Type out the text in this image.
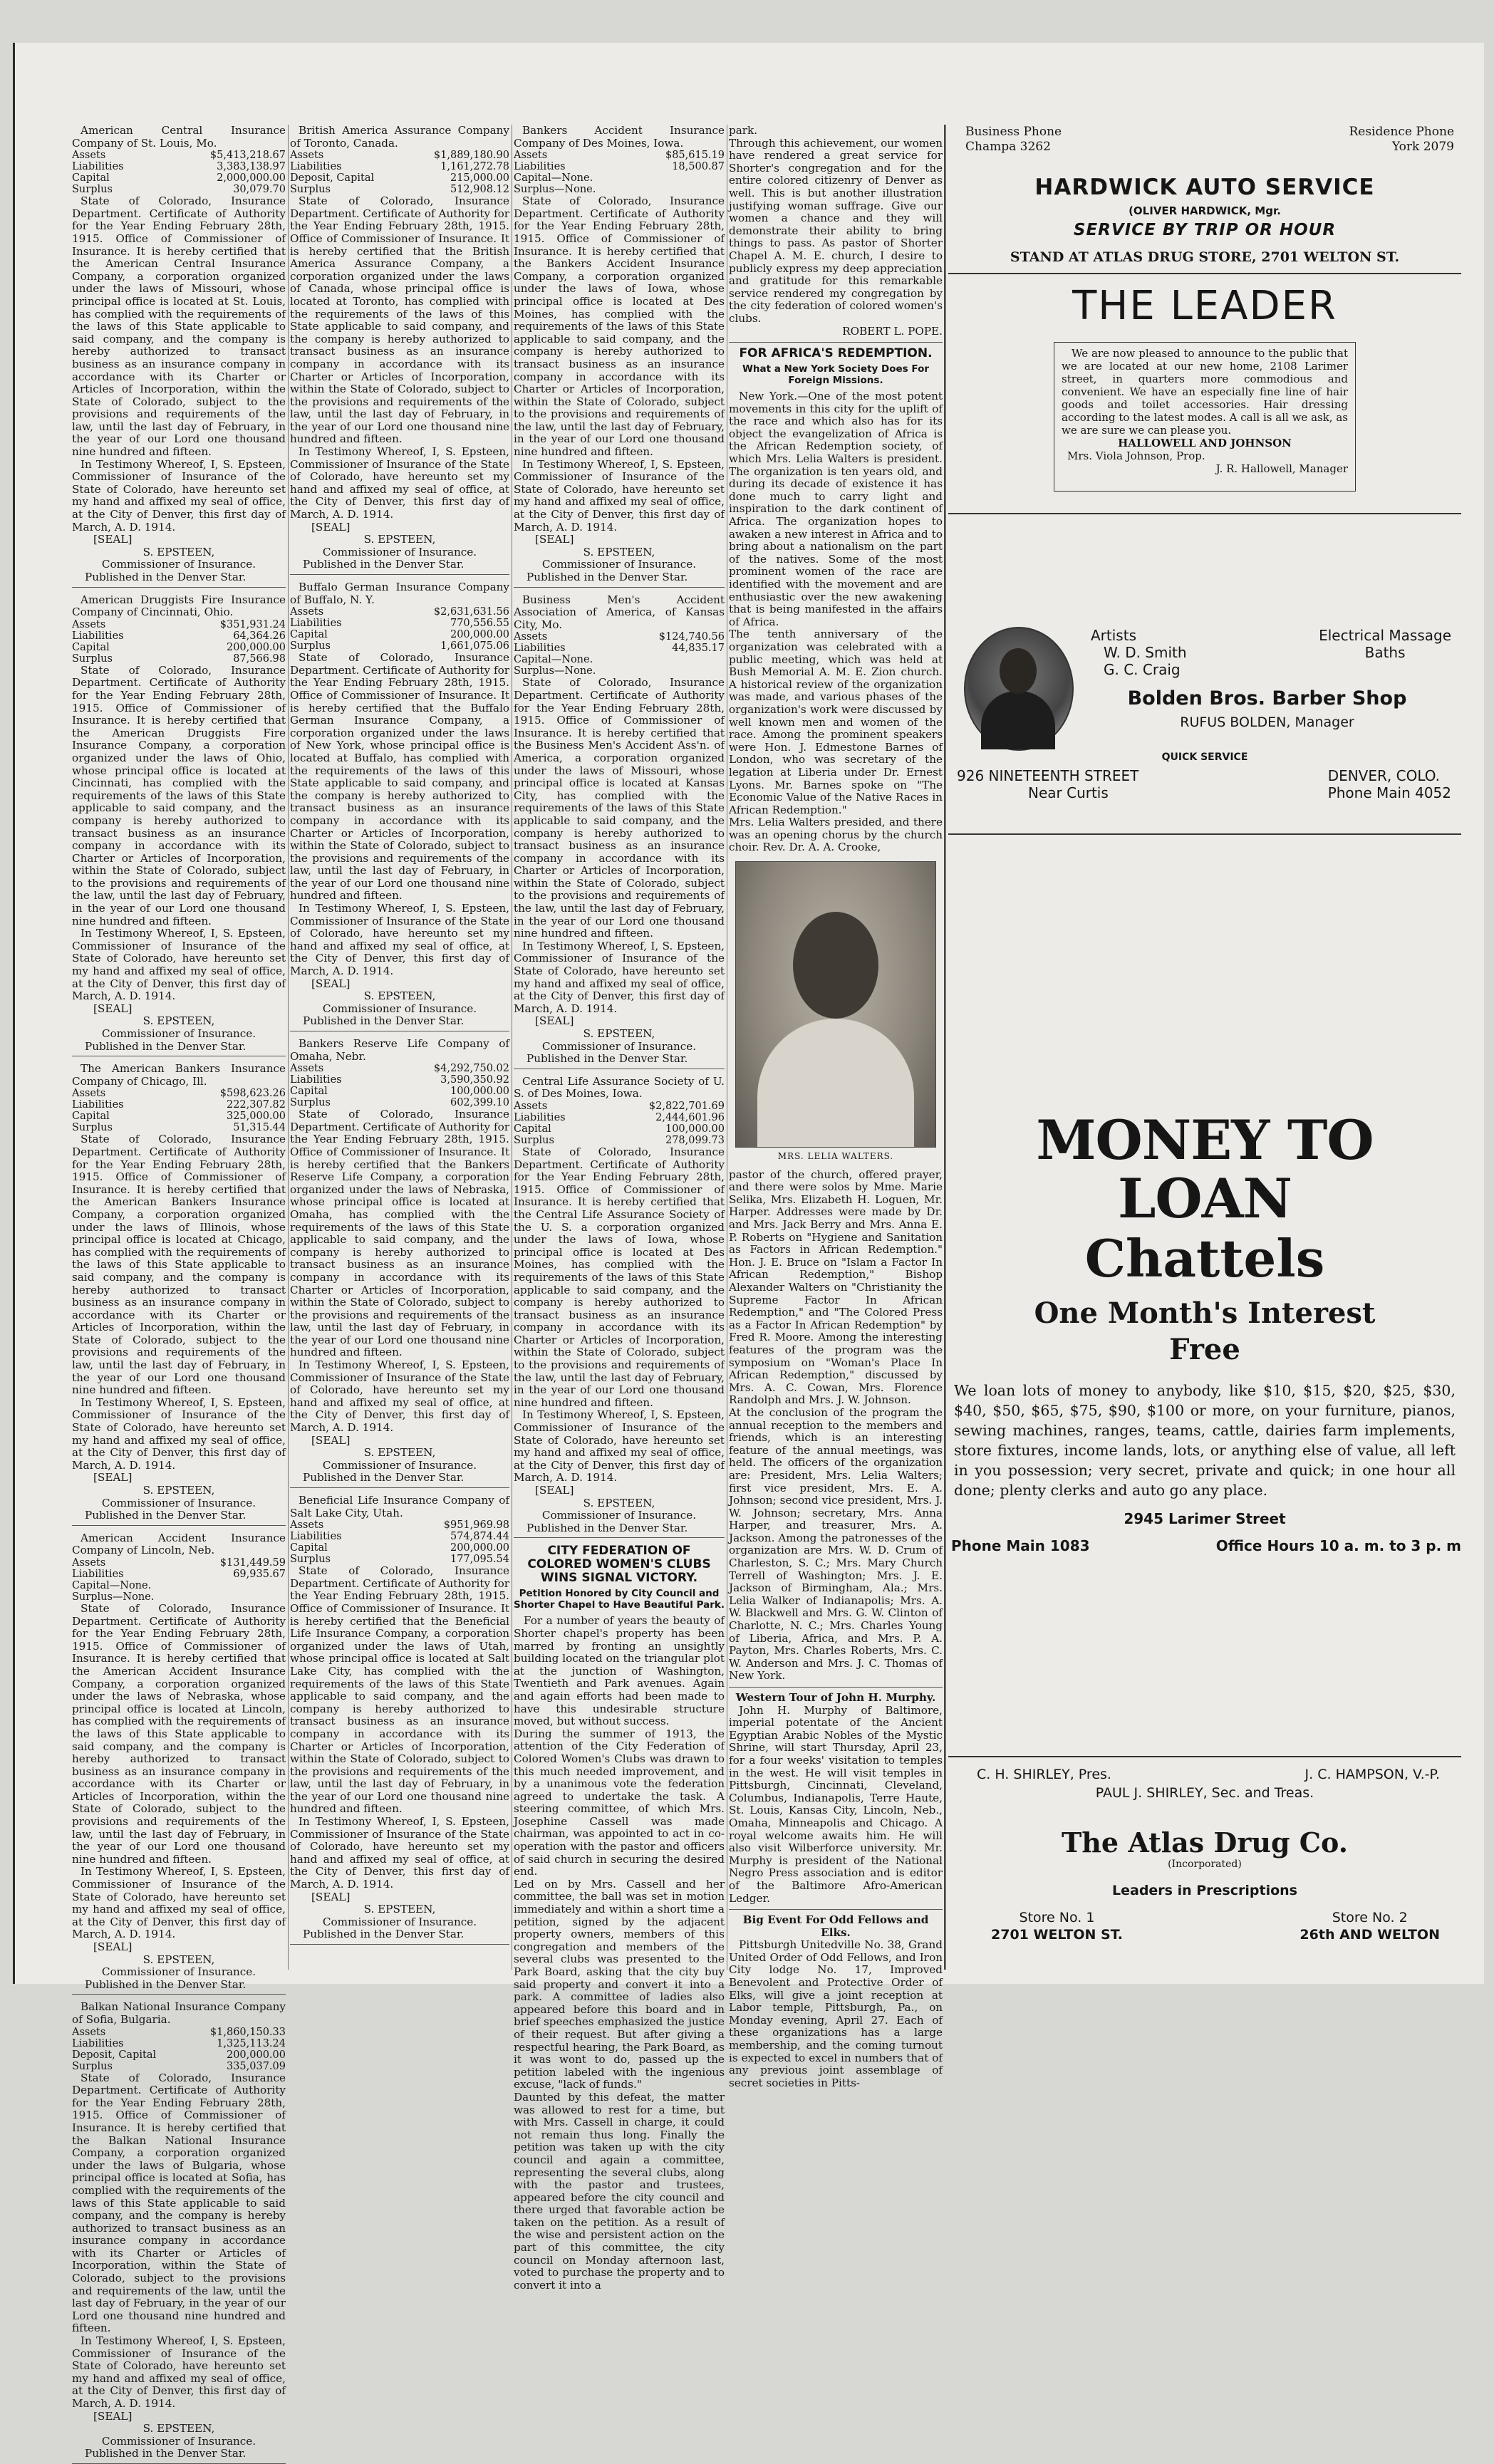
American Central Insurance Company of St. Louis, Mo.
Assets	$5,413,218.67
Liabilities	3,383,138.97
Capital	2,000,000.00
Surplus	30,079.70
State of Colorado, Insurance Department. Certificate of Authority for the Year Ending February 28th, 1915. Office of Commissioner of Insurance. It is hereby certified that the American Central Insurance Company, a corporation organized under the laws of Missouri, whose principal office is located at St. Louis, has complied with the requirements of the laws of this State applicable to said company, and the company is hereby authorized to transact business as an insurance company in accordance with its Charter or Articles of Incorporation, within the State of Colorado, subject to the provisions and requirements of the law, until the last day of February, in the year of our Lord one thousand nine hundred and fifteen.
In Testimony Whereof, I, S. Epsteen, Commissioner of Insurance of the State of Colorado, have hereunto set my hand and affixed my seal of office, at the City of Denver, this first day of March, A. D. 1914.
[SEAL]
S. EPSTEEN,
Commissioner of Insurance.
Published in the Denver Star.
American Druggists Fire Insurance Company of Cincinnati, Ohio.
Assets	$351,931.24
Liabilities	64,364.26
Capital	200,000.00
Surplus	87,566.98
State of Colorado, Insurance Department. Certificate of Authority for the Year Ending February 28th, 1915. Office of Commissioner of Insurance. It is hereby certified that the American Druggists Fire Insurance Company, a corporation organized under the laws of Ohio, whose principal office is located at Cincinnati, has complied with the requirements of the laws of this State applicable to said company, and the company is hereby authorized to transact business as an insurance company in accordance with its Charter or Articles of Incorporation, within the State of Colorado, subject to the provisions and requirements of the law, until the last day of February, in the year of our Lord one thousand nine hundred and fifteen.
In Testimony Whereof, I, S. Epsteen, Commissioner of Insurance of the State of Colorado, have hereunto set my hand and affixed my seal of office, at the City of Denver, this first day of March, A. D. 1914.
[SEAL]
S. EPSTEEN,
Commissioner of Insurance.
Published in the Denver Star.
The American Bankers Insurance Company of Chicago, Ill.
Assets	$598,623.26
Liabilities	222,307.82
Capital	325,000.00
Surplus	51,315.44
State of Colorado, Insurance Department. Certificate of Authority for the Year Ending February 28th, 1915. Office of Commissioner of Insurance. It is hereby certified that the American Bankers Insurance Company, a corporation organized under the laws of Illinois, whose principal office is located at Chicago, has complied with the requirements of the laws of this State applicable to said company, and the company is hereby authorized to transact business as an insurance company in accordance with its Charter or Articles of Incorporation, within the State of Colorado, subject to the provisions and requirements of the law, until the last day of February, in the year of our Lord one thousand nine hundred and fifteen.
In Testimony Whereof, I, S. Epsteen, Commissioner of Insurance of the State of Colorado, have hereunto set my hand and affixed my seal of office, at the City of Denver, this first day of March, A. D. 1914.
[SEAL]
S. EPSTEEN,
Commissioner of Insurance.
Published in the Denver Star.
American Accident Insurance Company of Lincoln, Neb.
Assets	$131,449.59
Liabilities	69,935.67
Capital—None.	
Surplus—None.	
State of Colorado, Insurance Department. Certificate of Authority for the Year Ending February 28th, 1915. Office of Commissioner of Insurance. It is hereby certified that the American Accident Insurance Company, a corporation organized under the laws of Nebraska, whose principal office is located at Lincoln, has complied with the requirements of the laws of this State applicable to said company, and the company is hereby authorized to transact business as an insurance company in accordance with its Charter or Articles of Incorporation, within the State of Colorado, subject to the provisions and requirements of the law, until the last day of February, in the year of our Lord one thousand nine hundred and fifteen.
In Testimony Whereof, I, S. Epsteen, Commissioner of Insurance of the State of Colorado, have hereunto set my hand and affixed my seal of office, at the City of Denver, this first day of March, A. D. 1914.
[SEAL]
S. EPSTEEN,
Commissioner of Insurance.
Published in the Denver Star.
Balkan National Insurance Company of Sofia, Bulgaria.
Assets	$1,860,150.33
Liabilities	1,325,113.24
Deposit, Capital	200,000.00
Surplus	335,037.09
State of Colorado, Insurance Department. Certificate of Authority for the Year Ending February 28th, 1915. Office of Commissioner of Insurance. It is hereby certified that the Balkan National Insurance Company, a corporation organized under the laws of Bulgaria, whose principal office is located at Sofia, has complied with the requirements of the laws of this State applicable to said company, and the company is hereby authorized to transact business as an insurance company in accordance with its Charter or Articles of Incorporation, within the State of Colorado, subject to the provisions and requirements of the law, until the last day of February, in the year of our Lord one thousand nine hundred and fifteen.
In Testimony Whereof, I, S. Epsteen, Commissioner of Insurance of the State of Colorado, have hereunto set my hand and affixed my seal of office, at the City of Denver, this first day of March, A. D. 1914.
[SEAL]
S. EPSTEEN,
Commissioner of Insurance.
Published in the Denver Star.
British America Assurance Company of Toronto, Canada.
Assets	$1,889,180.90
Liabilities	1,161,272.78
Deposit, Capital	215,000.00
Surplus	512,908.12
State of Colorado, Insurance Department. Certificate of Authority for the Year Ending February 28th, 1915. Office of Commissioner of Insurance. It is hereby certified that the British America Assurance Company, a corporation organized under the laws of Canada, whose principal office is located at Toronto, has complied with the requirements of the laws of this State applicable to said company, and the company is hereby authorized to transact business as an insurance company in accordance with its Charter or Articles of Incorporation, within the State of Colorado, subject to the provisions and requirements of the law, until the last day of February, in the year of our Lord one thousand nine hundred and fifteen.
In Testimony Whereof, I, S. Epsteen, Commissioner of Insurance of the State of Colorado, have hereunto set my hand and affixed my seal of office, at the City of Denver, this first day of March, A. D. 1914.
[SEAL]
S. EPSTEEN,
Commissioner of Insurance.
Published in the Denver Star.
Buffalo German Insurance Company of Buffalo, N. Y.
Assets	$2,631,631.56
Liabilities	770,556.55
Capital	200,000.00
Surplus	1,661,075.06
State of Colorado, Insurance Department. Certificate of Authority for the Year Ending February 28th, 1915. Office of Commissioner of Insurance. It is hereby certified that the Buffalo German Insurance Company, a corporation organized under the laws of New York, whose principal office is located at Buffalo, has complied with the requirements of the laws of this State applicable to said company, and the company is hereby authorized to transact business as an insurance company in accordance with its Charter or Articles of Incorporation, within the State of Colorado, subject to the provisions and requirements of the law, until the last day of February, in the year of our Lord one thousand nine hundred and fifteen.
In Testimony Whereof, I, S. Epsteen, Commissioner of Insurance of the State of Colorado, have hereunto set my hand and affixed my seal of office, at the City of Denver, this first day of March, A. D. 1914.
[SEAL]
S. EPSTEEN,
Commissioner of Insurance.
Published in the Denver Star.
Bankers Reserve Life Company of Omaha, Nebr.
Assets	$4,292,750.02
Liabilities	3,590,350.92
Capital	100,000.00
Surplus	602,399.10
State of Colorado, Insurance Department. Certificate of Authority for the Year Ending February 28th, 1915. Office of Commissioner of Insurance. It is hereby certified that the Bankers Reserve Life Company, a corporation organized under the laws of Nebraska, whose principal office is located at Omaha, has complied with the requirements of the laws of this State applicable to said company, and the company is hereby authorized to transact business as an insurance company in accordance with its Charter or Articles of Incorporation, within the State of Colorado, subject to the provisions and requirements of the law, until the last day of February, in the year of our Lord one thousand nine hundred and fifteen.
In Testimony Whereof, I, S. Epsteen, Commissioner of Insurance of the State of Colorado, have hereunto set my hand and affixed my seal of office, at the City of Denver, this first day of March, A. D. 1914.
[SEAL]
S. EPSTEEN,
Commissioner of Insurance.
Published in the Denver Star.
Beneficial Life Insurance Company of Salt Lake City, Utah.
Assets	$951,969.98
Liabilities	574,874.44
Capital	200,000.00
Surplus	177,095.54
State of Colorado, Insurance Department. Certificate of Authority for the Year Ending February 28th, 1915. Office of Commissioner of Insurance. It is hereby certified that the Beneficial Life Insurance Company, a corporation organized under the laws of Utah, whose principal office is located at Salt Lake City, has complied with the requirements of the laws of this State applicable to said company, and the company is hereby authorized to transact business as an insurance company in accordance with its Charter or Articles of Incorporation, within the State of Colorado, subject to the provisions and requirements of the law, until the last day of February, in the year of our Lord one thousand nine hundred and fifteen.
In Testimony Whereof, I, S. Epsteen, Commissioner of Insurance of the State of Colorado, have hereunto set my hand and affixed my seal of office, at the City of Denver, this first day of March, A. D. 1914.
[SEAL]
S. EPSTEEN,
Commissioner of Insurance.
Published in the Denver Star.
Bankers Accident Insurance Company of Des Moines, Iowa.
Assets	$85,615.19
Liabilities	18,500.87
Capital—None.	
Surplus—None.	
State of Colorado, Insurance Department. Certificate of Authority for the Year Ending February 28th, 1915. Office of Commissioner of Insurance. It is hereby certified that the Bankers Accident Insurance Company, a corporation organized under the laws of Iowa, whose principal office is located at Des Moines, has complied with the requirements of the laws of this State applicable to said company, and the company is hereby authorized to transact business as an insurance company in accordance with its Charter or Articles of Incorporation, within the State of Colorado, subject to the provisions and requirements of the law, until the last day of February, in the year of our Lord one thousand nine hundred and fifteen.
In Testimony Whereof, I, S. Epsteen, Commissioner of Insurance of the State of Colorado, have hereunto set my hand and affixed my seal of office, at the City of Denver, this first day of March, A. D. 1914.
[SEAL]
S. EPSTEEN,
Commissioner of Insurance.
Published in the Denver Star.
Business Men's Accident Association of America, of Kansas City, Mo.
Assets	$124,740.56
Liabilities	44,835.17
Capital—None.	
Surplus—None.	
State of Colorado, Insurance Department. Certificate of Authority for the Year Ending February 28th, 1915. Office of Commissioner of Insurance. It is hereby certified that the Business Men's Accident Ass'n. of America, a corporation organized under the laws of Missouri, whose principal office is located at Kansas City, has complied with the requirements of the laws of this State applicable to said company, and the company is hereby authorized to transact business as an insurance company in accordance with its Charter or Articles of Incorporation, within the State of Colorado, subject to the provisions and requirements of the law, until the last day of February, in the year of our Lord one thousand nine hundred and fifteen.
In Testimony Whereof, I, S. Epsteen, Commissioner of Insurance of the State of Colorado, have hereunto set my hand and affixed my seal of office, at the City of Denver, this first day of March, A. D. 1914.
[SEAL]
S. EPSTEEN,
Commissioner of Insurance.
Published in the Denver Star.
Central Life Assurance Society of U. S. of Des Moines, Iowa.
Assets	$2,822,701.69
Liabilities	2,444,601.96
Capital	100,000.00
Surplus	278,099.73
State of Colorado, Insurance Department. Certificate of Authority for the Year Ending February 28th, 1915. Office of Commissioner of Insurance. It is hereby certified that the Central Life Assurance Society of the U. S. a corporation organized under the laws of Iowa, whose principal office is located at Des Moines, has complied with the requirements of the laws of this State applicable to said company, and the company is hereby authorized to transact business as an insurance company in accordance with its Charter or Articles of Incorporation, within the State of Colorado, subject to the provisions and requirements of the law, until the last day of February, in the year of our Lord one thousand nine hundred and fifteen.
In Testimony Whereof, I, S. Epsteen, Commissioner of Insurance of the State of Colorado, have hereunto set my hand and affixed my seal of office, at the City of Denver, this first day of March, A. D. 1914.
[SEAL]
S. EPSTEEN,
Commissioner of Insurance.
Published in the Denver Star.
CITY FEDERATION OF COLORED WOMEN'S CLUBS WINS SIGNAL VICTORY.
Petition Honored by City Council and Shorter Chapel to Have Beautiful Park.

For a number of years the beauty of Shorter chapel's property has been marred by fronting an unsightly building located on the triangular plot at the junction of Washington, Twentieth and Park avenues. Again and again efforts had been made to have this undesirable structure moved, but without success.
During the summer of 1913, the attention of the City Federation of Colored Women's Clubs was drawn to this much needed improvement, and by a unanimous vote the federation agreed to undertake the task. A steering committee, of which Mrs. Josephine Cassell was made chairman, was appointed to act in co-operation with the pastor and officers of said church in securing the desired end.
Led on by Mrs. Cassell and her committee, the ball was set in motion immediately and within a short time a petition, signed by the adjacent property owners, members of this congregation and members of the several clubs was presented to the Park Board, asking that the city buy said property and convert it into a park. A committee of ladies also appeared before this board and in brief speeches emphasized the justice of their request. But after giving a respectful hearing, the Park Board, as it was wont to do, passed up the petition labeled with the ingenious excuse, "lack of funds."
Daunted by this defeat, the matter was allowed to rest for a time, but with Mrs. Cassell in charge, it could not remain thus long. Finally the petition was taken up with the city council and again a committee, representing the several clubs, along with the pastor and trustees, appeared before the city council and there urged that favorable action be taken on the petition. As a result of the wise and persistent action on the part of this committee, the city council on Monday afternoon last, voted to purchase the property and to convert it into a

park.
Through this achievement, our women have rendered a great service for Shorter's congregation and for the entire colored citizenry of Denver as well. This is but another illustration justifying woman suffrage. Give our women a chance and they will demonstrate their ability to bring things to pass. As pastor of Shorter Chapel A. M. E. church, I desire to publicly express my deep appreciation and gratitude for this remarkable service rendered my congregation by the city federation of colored women's clubs.

ROBERT L. POPE.
FOR AFRICA'S REDEMPTION.
What a New York Society Does For Foreign Missions.

New York.—One of the most potent movements in this city for the uplift of the race and which also has for its object the evangelization of Africa is the African Redemption society, of which Mrs. Lelia Walters is president. The organization is ten years old, and during its decade of existence it has done much to carry light and inspiration to the dark continent of Africa. The organization hopes to awaken a new interest in Africa and to bring about a nationalism on the part of the natives. Some of the most prominent women of the race are identified with the movement and are enthusiastic over the new awakening that is being manifested in the affairs of Africa.
The tenth anniversary of the organization was celebrated with a public meeting, which was held at Bush Memorial A. M. E. Zion church. A historical review of the organization was made, and various phases of the organization's work were discussed by well known men and women of the race. Among the prominent speakers were Hon. J. Edmestone Barnes of London, who was secretary of the legation at Liberia under Dr. Ernest Lyons. Mr. Barnes spoke on "The Economic Value of the Native Races in African Redemption."
Mrs. Lelia Walters presided, and there was an opening chorus by the church choir. Rev. Dr. A. A. Crooke,

MRS. LELIA WALTERS.

pastor of the church, offered prayer, and there were solos by Mme. Marie Selika, Mrs. Elizabeth H. Loguen, Mr. Harper. Addresses were made by Dr. and Mrs. Jack Berry and Mrs. Anna E. P. Roberts on "Hygiene and Sanitation as Factors in African Redemption." Hon. J. E. Bruce on "Islam a Factor In African Redemption," Bishop Alexander Walters on "Christianity the Supreme Factor In African Redemption," and "The Colored Press as a Factor In African Redemption" by Fred R. Moore. Among the interesting features of the program was the symposium on "Woman's Place In African Redemption," discussed by Mrs. A. C. Cowan, Mrs. Florence Randolph and Mrs. J. W. Johnson.
At the conclusion of the program the annual reception to the members and friends, which is an interesting feature of the annual meetings, was held. The officers of the organization are: President, Mrs. Lelia Walters; first vice president, Mrs. E. A. Johnson; second vice president, Mrs. J. W. Johnson; secretary, Mrs. Anna Harper, and treasurer, Mrs. A. Jackson. Among the patronesses of the organization are Mrs. W. D. Crum of Charleston, S. C.; Mrs. Mary Church Terrell of Washington; Mrs. J. E. Jackson of Birmingham, Ala.; Mrs. Lelia Walker of Indianapolis; Mrs. A. W. Blackwell and Mrs. G. W. Clinton of Charlotte, N. C.; Mrs. Charles Young of Liberia, Africa, and Mrs. P. A. Payton, Mrs. Charles Roberts, Mrs. C. W. Anderson and Mrs. J. C. Thomas of New York.

Western Tour of John H. Murphy.

John H. Murphy of Baltimore, imperial potentate of the Ancient Egyptian Arabic Nobles of the Mystic Shrine, will start Thursday, April 23, for a four weeks' visitation to temples in the west. He will visit temples in Pittsburgh, Cincinnati, Cleveland, Columbus, Indianapolis, Terre Haute, St. Louis, Kansas City, Lincoln, Neb., Omaha, Minneapolis and Chicago. A royal welcome awaits him. He will also visit Wilberforce university. Mr. Murphy is president of the National Negro Press association and is editor of the Baltimore Afro-American Ledger.

Big Event For Odd Fellows and Elks.

Pittsburgh Unitedville No. 38, Grand United Order of Odd Fellows, and Iron City lodge No. 17, Improved Benevolent and Protective Order of Elks, will give a joint reception at Labor temple, Pittsburgh, Pa., on Monday evening, April 27. Each of these organizations has a large membership, and the coming turnout is expected to excel in numbers that of any previous joint assemblage of secret societies in Pitts-

Business Phone
Champa 3262
Residence Phone
York 2079
HARDWICK AUTO SERVICE
(OLIVER HARDWICK, Mgr.
SERVICE BY TRIP OR HOUR
STAND AT ATLAS DRUG STORE, 2701 WELTON ST.
THE LEADER

We are now pleased to announce to the public that we are located at our new home, 2108 Larimer street, in quarters more commodious and convenient. We have an especially fine line of hair goods and toilet accessories. Hair dressing according to the latest modes. A call is all we ask, as we are sure we can please you.

HALLOWELL AND JOHNSON
Mrs. Viola Johnson, Prop.
J. R. Hallowell, Manager
Artists
W. D. Smith
G. C. Craig
Electrical Massage
Baths
Bolden Bros. Barber Shop
RUFUS BOLDEN, Manager
QUICK SERVICE
926 NINETEENTH STREET
Near Curtis
DENVER, COLO.
Phone Main 4052
MONEY TO LOAN
Chattels
One Month's Interest
Free

We loan lots of money to anybody, like $10, $15, $20, $25, $30, $40, $50, $65, $75, $90, $100 or more, on your furniture, pianos, sewing machines, ranges, teams, cattle, dairies farm implements, store fixtures, income lands, lots, or anything else of value, all left in you possession; very secret, private and quick; in one hour all done; plenty clerks and auto go any place.

2945 Larimer Street
Phone Main 1083	Office Hours 10 a. m. to 3 p. m
C. H. SHIRLEY, Pres.	J. C. HAMPSON, V.-P.
PAUL J. SHIRLEY, Sec. and Treas.
The Atlas Drug Co.
(Incorporated)
Leaders in Prescriptions
Store No. 1
2701 WELTON ST.
Store No. 2
26th AND WELTON
